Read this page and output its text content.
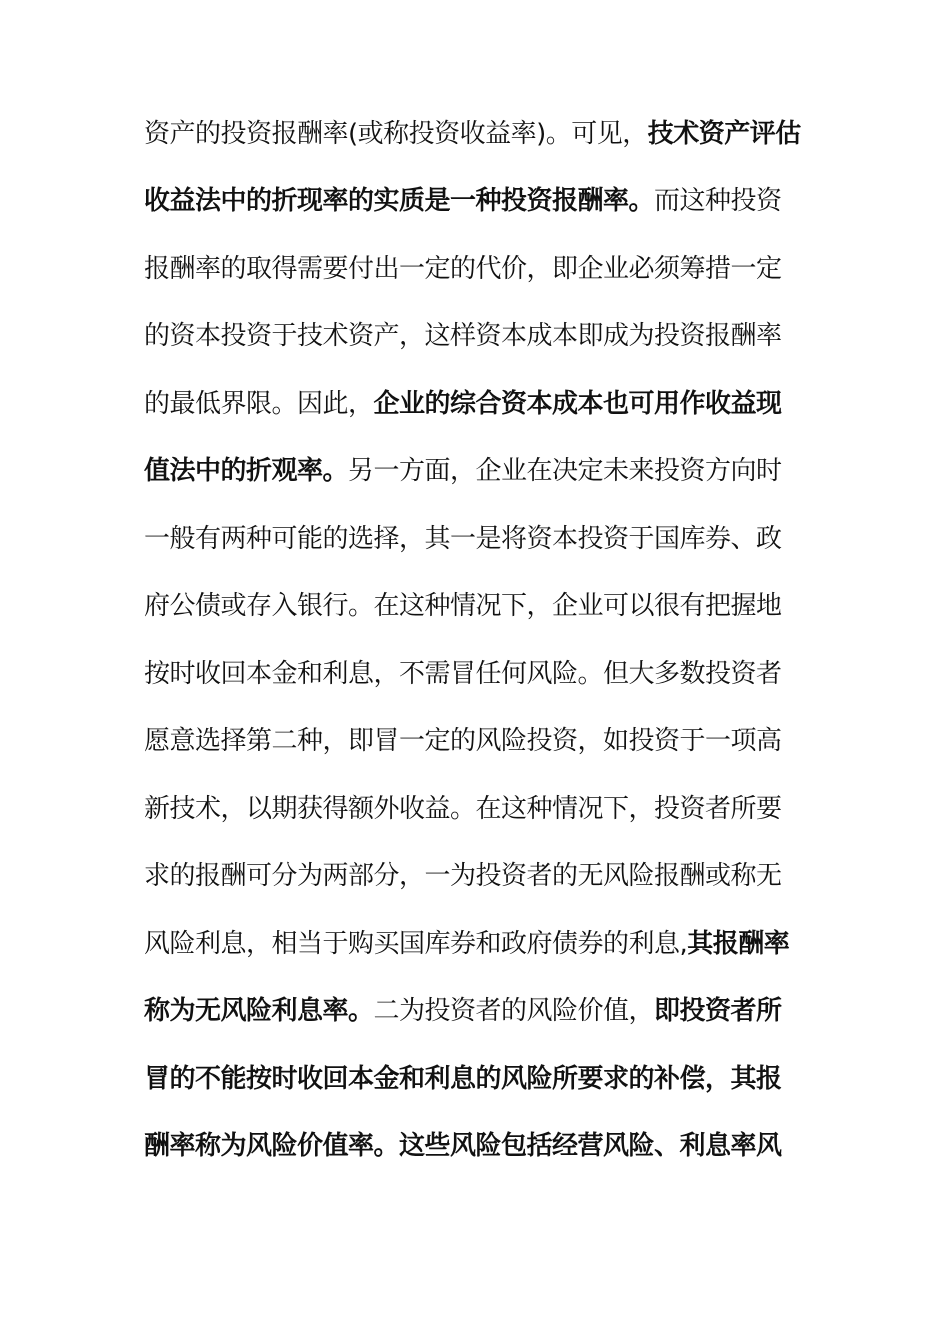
资产的投资报酬率(或称投资收益率)。可见，技术资产评估
收益法中的折现率的实质是一种投资报酬率。而这种投资
报酬率的取得需要付出一定的代价，即企业必须筹措一定
的资本投资于技术资产，这样资本成本即成为投资报酬率
的最低界限。因此，企业的综合资本成本也可用作收益现
值法中的折观率。另一方面，企业在决定未来投资方向时
一般有两种可能的选择，其一是将资本投资于国库券、政
府公债或存入银行。在这种情况下，企业可以很有把握地
按时收回本金和利息，不需冒任何风险。但大多数投资者
愿意选择第二种，即冒一定的风险投资，如投资于一项高
新技术，以期获得额外收益。在这种情况下，投资者所要
求的报酬可分为两部分，一为投资者的无风险报酬或称无
风险利息，相当于购买国库券和政府债券的利息,其报酬率
称为无风险利息率。二为投资者的风险价值，即投资者所
冒的不能按时收回本金和利息的风险所要求的补偿，其报
酬率称为风险价值率。这些风险包括经营风险、利息率风
